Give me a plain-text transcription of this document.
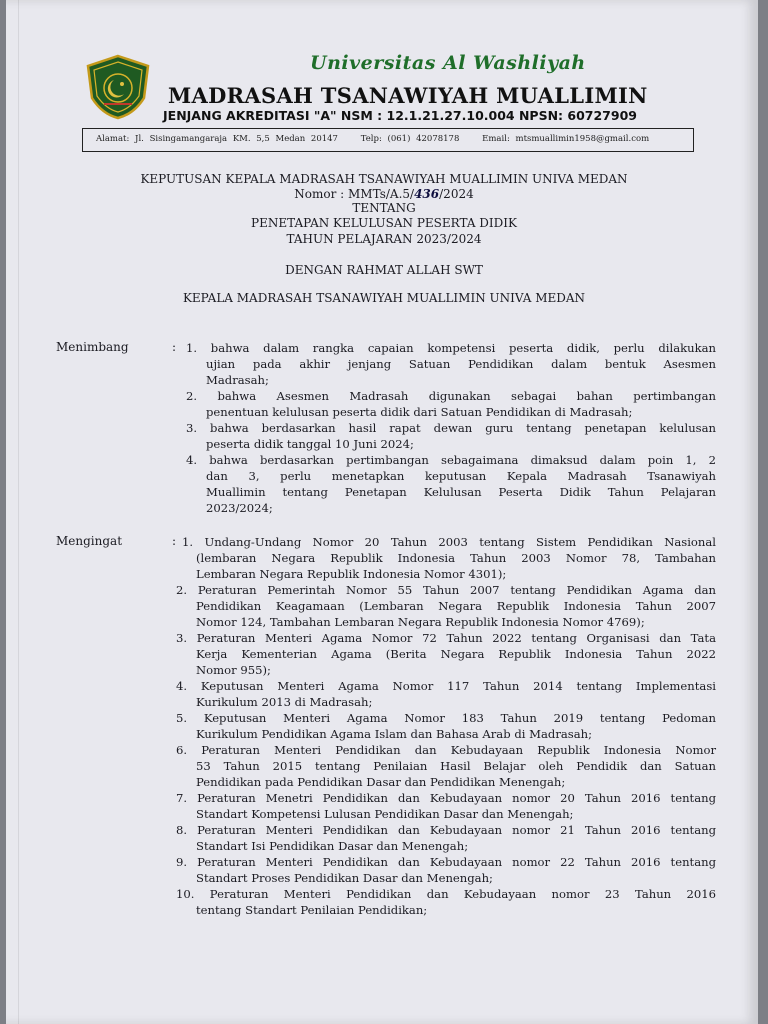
Universitas Al Washliyah
MADRASAH TSANAWIYAH MUALLIMIN
JENJANG AKREDITASI "A" NSM : 12.1.21.27.10.004 NPSN: 60727909
Alamat: Jl. Sisingamangaraja KM. 5,5 Medan 20147	Telp: (061) 42078178	Email: mtsmuallimin1958@gmail.com
KEPUTUSAN KEPALA MADRASAH TSANAWIYAH MUALLIMIN UNIVA MEDAN
Nomor : MMTs/A.5/436/2024
TENTANG
PENETAPAN KELULUSAN PESERTA DIDIK
TAHUN PELAJARAN 2023/2024
DENGAN RAHMAT ALLAH SWT
KEPALA MADRASAH TSANAWIYAH MUALLIMIN UNIVA MEDAN
Menimbang	: 1. bahwa dalam rangka capaian kompetensi peserta didik, perlu dilakukan
ujian pada akhir jenjang Satuan Pendidikan dalam bentuk Asesmen
Madrasah;
2. bahwa Asesmen Madrasah digunakan sebagai bahan pertimbangan
penentuan kelulusan peserta didik dari Satuan Pendidikan di Madrasah;
3. bahwa berdasarkan hasil rapat dewan guru tentang penetapan kelulusan
peserta didik tanggal 10 Juni 2024;
4. bahwa berdasarkan pertimbangan sebagaimana dimaksud dalam poin 1, 2
dan 3, perlu menetapkan keputusan Kepala Madrasah Tsanawiyah
Muallimin tentang Penetapan Kelulusan Peserta Didik Tahun Pelajaran
2023/2024;
Mengingat	: 1. Undang-Undang Nomor 20 Tahun 2003 tentang Sistem Pendidikan Nasional
(lembaran Negara Republik Indonesia Tahun 2003 Nomor 78, Tambahan
Lembaran Negara Republik Indonesia Nomor 4301);
2. Peraturan Pemerintah Nomor 55 Tahun 2007 tentang Pendidikan Agama dan
Pendidikan Keagamaan (Lembaran Negara Republik Indonesia Tahun 2007
Nomor 124, Tambahan Lembaran Negara Republik Indonesia Nomor 4769);
3. Peraturan Menteri Agama Nomor 72 Tahun 2022 tentang Organisasi dan Tata
Kerja Kementerian Agama (Berita Negara Republik Indonesia Tahun 2022
Nomor 955);
4. Keputusan Menteri Agama Nomor 117 Tahun 2014 tentang Implementasi
Kurikulum 2013 di Madrasah;
5. Keputusan Menteri Agama Nomor 183 Tahun 2019 tentang Pedoman
Kurikulum Pendidikan Agama Islam dan Bahasa Arab di Madrasah;
6. Peraturan Menteri Pendidikan dan Kebudayaan Republik Indonesia Nomor
53 Tahun 2015 tentang Penilaian Hasil Belajar oleh Pendidik dan Satuan
Pendidikan pada Pendidikan Dasar dan Pendidikan Menengah;
7. Peraturan Menetri Pendidikan dan Kebudayaan nomor 20 Tahun 2016 tentang
Standart Kompetensi Lulusan Pendidikan Dasar dan Menengah;
8. Peraturan Menteri Pendidikan dan Kebudayaan nomor 21 Tahun 2016 tentang
Standart Isi Pendidikan Dasar dan Menengah;
9. Peraturan Menteri Pendidikan dan Kebudayaan nomor 22 Tahun 2016 tentang
Standart Proses Pendidikan Dasar dan Menengah;
10. Peraturan Menteri Pendidikan dan Kebudayaan nomor 23 Tahun 2016
tentang Standart Penilaian Pendidikan;
